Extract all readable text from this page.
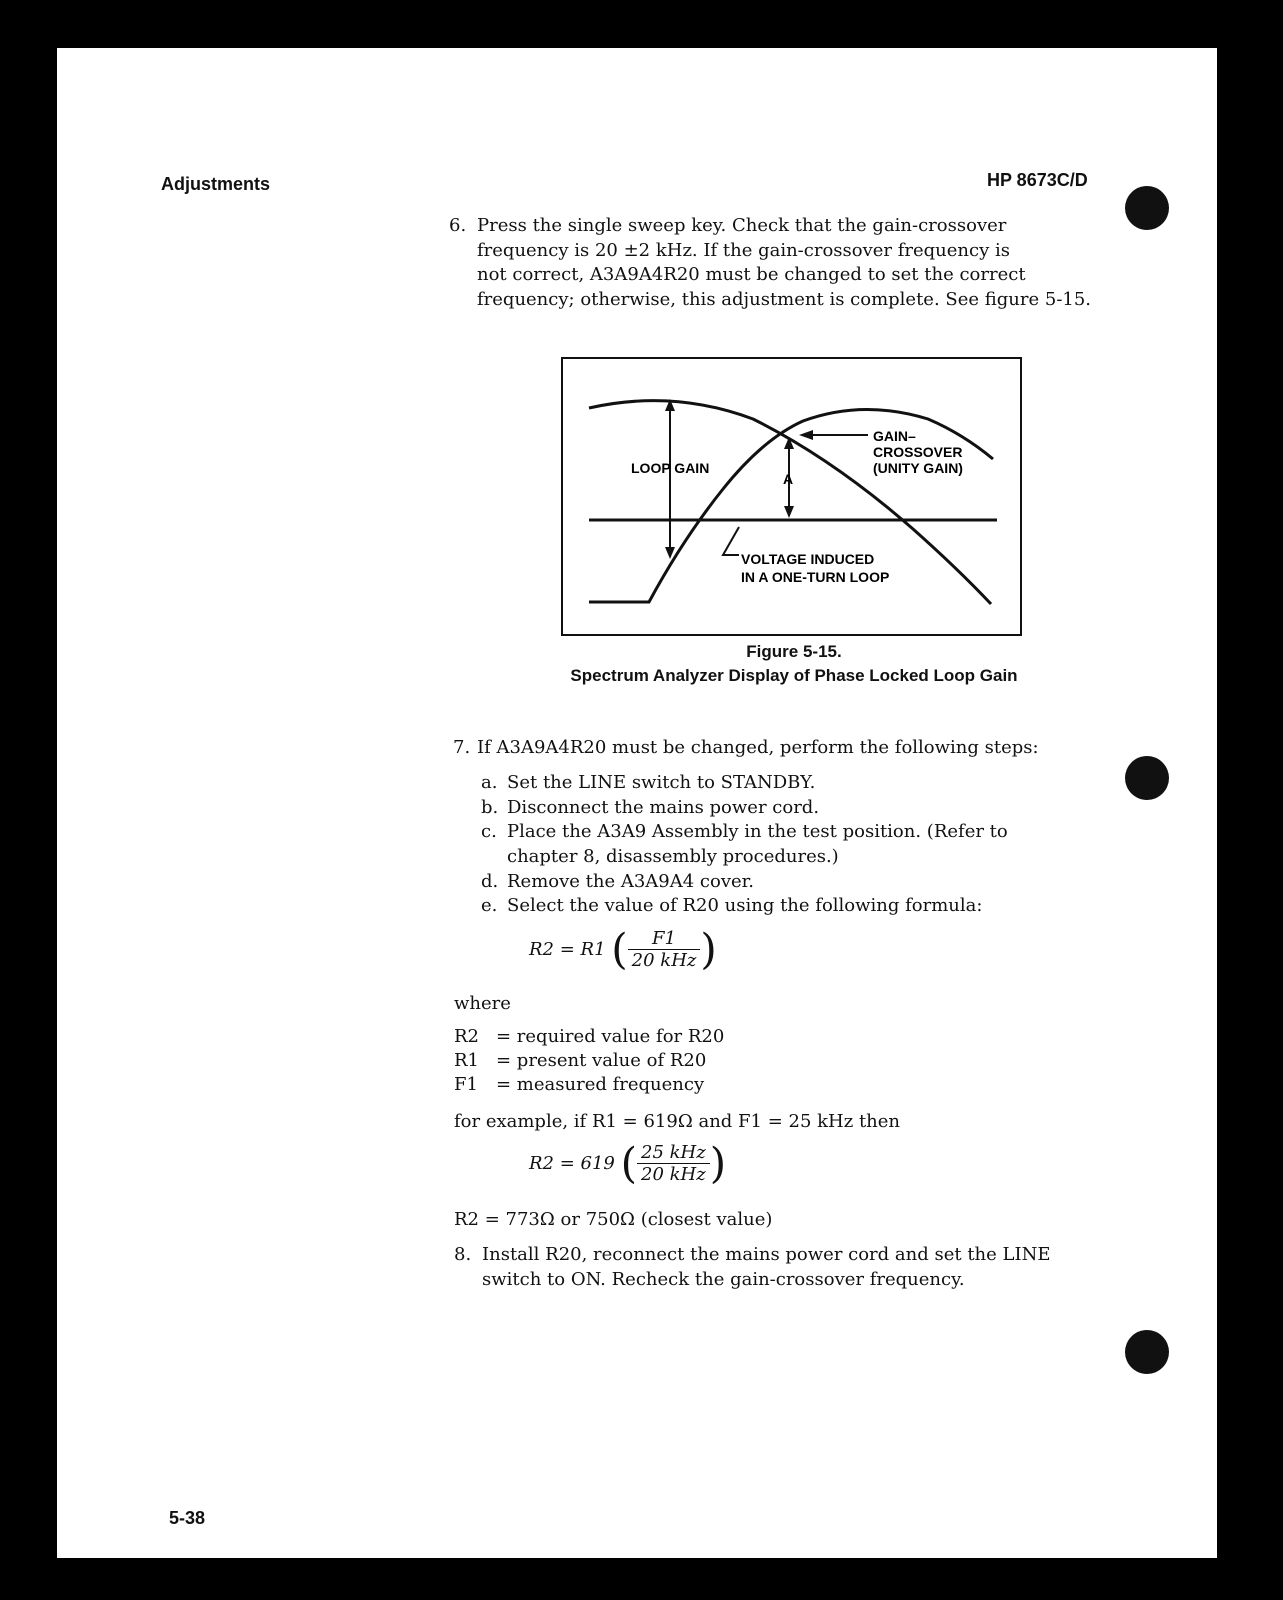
Adjustments	HP 8673C/D
6. Press the single sweep key. Check that the gain-crossover
frequency is 20 ±2 kHz. If the gain-crossover frequency is
not correct, A3A9A4R20 must be changed to set the correct
frequency; otherwise, this adjustment is complete. See figure 5-15.
LOOP GAIN
A
GAIN–
CROSSOVER
(UNITY GAIN)
VOLTAGE INDUCED
IN A ONE-TURN LOOP
Figure 5-15.
Spectrum Analyzer Display of Phase Locked Loop Gain
7. If A3A9A4R20 must be changed, perform the following steps:
a. Set the LINE switch to STANDBY.
b. Disconnect the mains power cord.
c. Place the A3A9 Assembly in the test position. (Refer to
chapter 8, disassembly procedures.)
d. Remove the A3A9A4 cover.
e. Select the value of R20 using the following formula:
R2 = R1 ( $\frac{F1}{\text{20 kHz}}$ )
where
R2 = required value for R20
R1 = present value of R20
F1 = measured frequency
for example, if R1 = 619Ω and F1 = 25 kHz then
R2 = 619 ( $\frac{\text{25 kHz}}{\text{20 kHz}}$ )
R2 = 773Ω or 750Ω (closest value)
8. Install R20, reconnect the mains power cord and set the LINE
switch to ON. Recheck the gain-crossover frequency.
5-38
